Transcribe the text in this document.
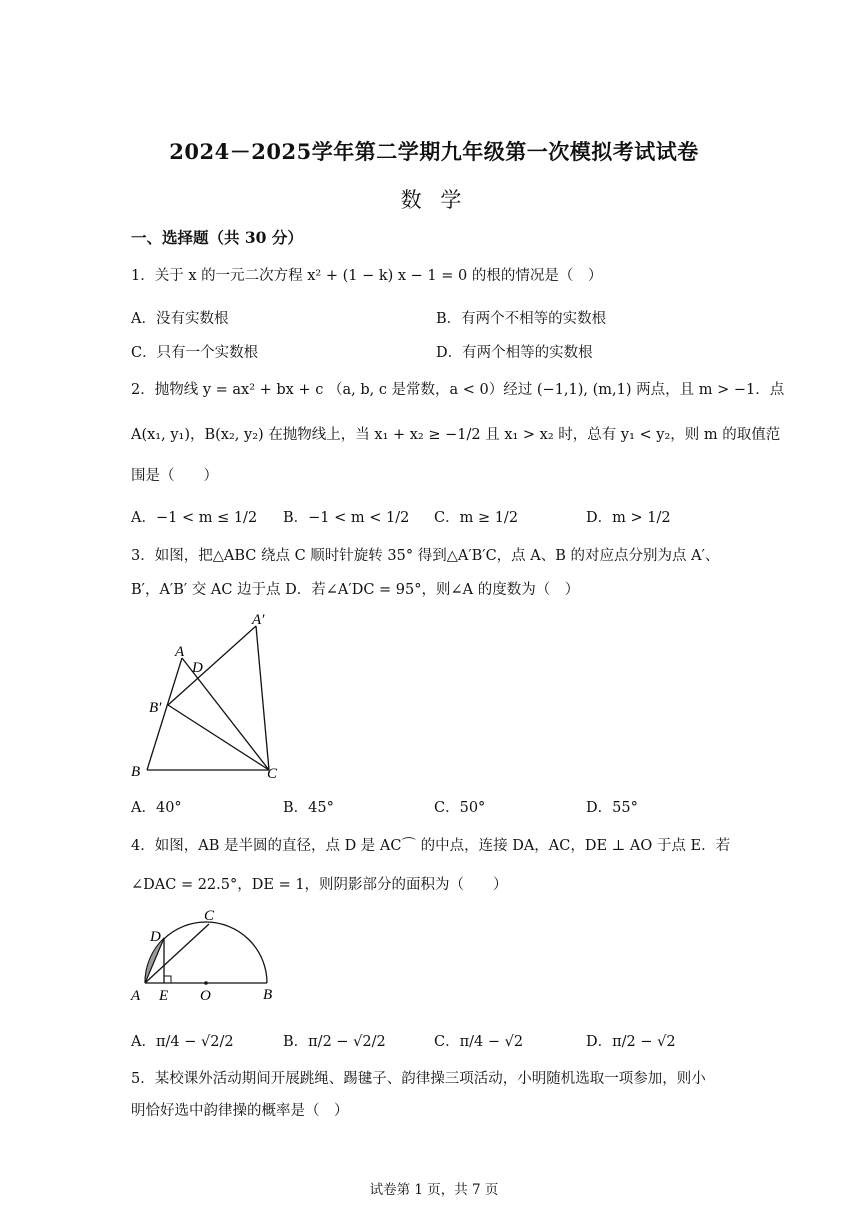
2024－2025学年第二学期九年级第一次模拟考试试卷
数 学
一、选择题（共 30 分）
1．关于 x 的一元二次方程 x² + (1 − k) x − 1 = 0 的根的情况是（　）
A．没有实数根	B．有两个不相等的实数根
C．只有一个实数根	D．有两个相等的实数根
2．抛物线 y = ax² + bx + c （a, b, c 是常数，a < 0）经过 (−1,1), (m,1) 两点，且 m > −1．点
A(x₁, y₁)，B(x₂, y₂) 在抛物线上，当 x₁ + x₂ ≥ −1/2 且 x₁ > x₂ 时，总有 y₁ < y₂，则 m 的取值范
围是（　　）
A．−1 < m ≤ 1/2 B．−1 < m < 1/2 C．m ≥ 1/2	D．m > 1/2
3．如图，把△ABC 绕点 C 顺时针旋转 35° 得到△A′B′C，点 A、B 的对应点分别为点 A′、
B′，A′B′ 交 AC 边于点 D．若∠A′DC = 95°，则∠A 的度数为（　）
A
A′
D
B′
B	C
A．40°	B．45°	C．50°	D．55°
4．如图，AB 是半圆的直径，点 D 是 AC⌒ 的中点，连接 DA，AC，DE ⊥ AO 于点 E．若
∠DAC = 22.5°，DE = 1，则阴影部分的面积为（　　）
C
D
A E O	B
A．π/4 − √2/2	B．π/2 − √2/2	C．π/4 − √2	D．π/2 − √2
5．某校课外活动期间开展跳绳、踢毽子、韵律操三项活动，小明随机选取一项参加，则小
明恰好选中韵律操的概率是（　）
试卷第 1 页，共 7 页
